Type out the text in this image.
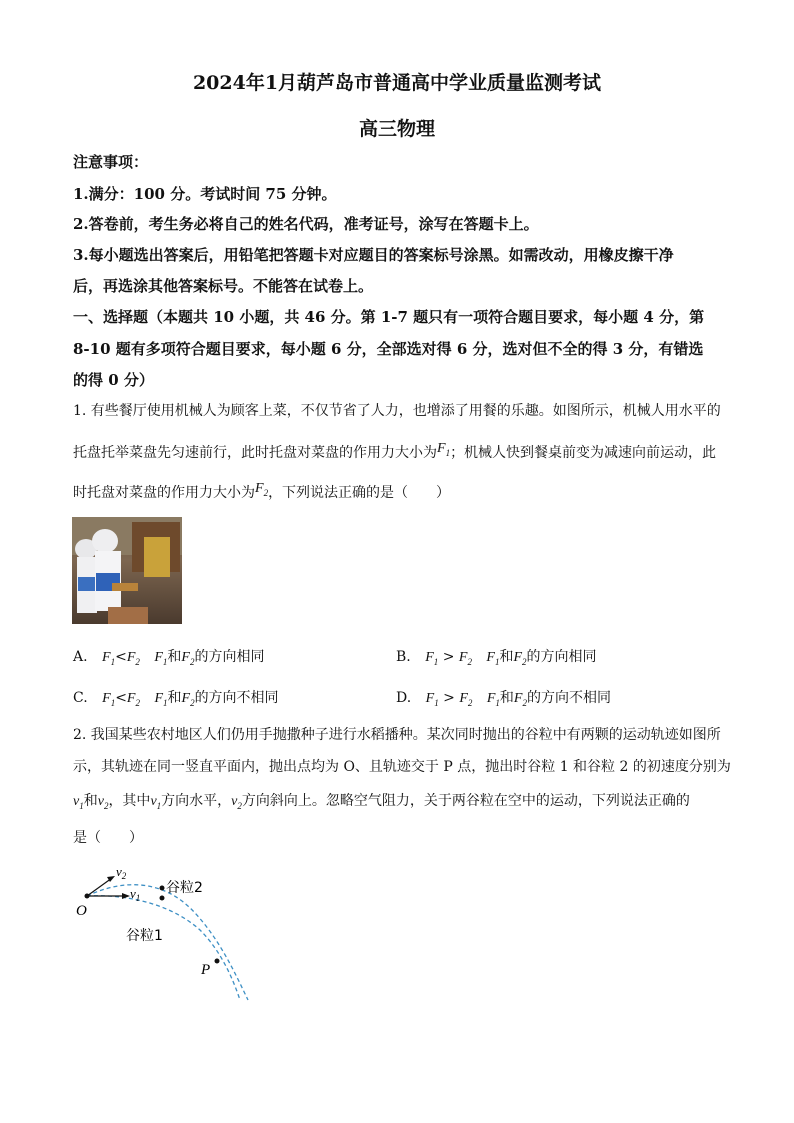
2024年1月葫芦岛市普通高中学业质量监测考试
高三物理
注意事项：
1.满分：100 分。考试时间 75 分钟。
2.答卷前，考生务必将自己的姓名代码，准考证号，涂写在答题卡上。
3.每小题选出答案后，用铅笔把答题卡对应题目的答案标号涂黑。如需改动，用橡皮擦干净
后，再选涂其他答案标号。不能答在试卷上。
一、选择题（本题共 10 小题，共 46 分。第 1-7 题只有一项符合题目要求，每小题 4 分，第
8-10 题有多项符合题目要求，每小题 6 分，全部选对得 6 分，选对但不全的得 3 分，有错选
的得 0 分）
1. 有些餐厅使用机械人为顾客上菜，不仅节省了人力，也增添了用餐的乐趣。如图所示，机械人用水平的
托盘托举菜盘先匀速前行，此时托盘对菜盘的作用力大小为$F_1$；机械人快到餐桌前变为减速向前运动，此
时托盘对菜盘的作用力大小为$F_2$，下列说法正确的是（　　）
A. $F_1<F_2$ $F_1$和$F_2$的方向相同	B. $F_1 > F_2$ $F_1$和$F_2$的方向相同
C. $F_1<F_2$ $F_1$和$F_2$的方向不相同	D. $F_1 > F_2$ $F_1$和$F_2$的方向不相同
2. 我国某些农村地区人们仍用手抛撒种子进行水稻播种。某次同时抛出的谷粒中有两颗的运动轨迹如图所
示，其轨迹在同一竖直平面内，抛出点均为 O、且轨迹交于 P 点，抛出时谷粒 1 和谷粒 2 的初速度分别为
$v_1$和$v_2$，其中$v_1$方向水平，$v_2$方向斜向上。忽略空气阻力，关于两谷粒在空中的运动，下列说法正确的
是（　　）
O
P
$v_2$
$v_1$
谷粒2
谷粒1
